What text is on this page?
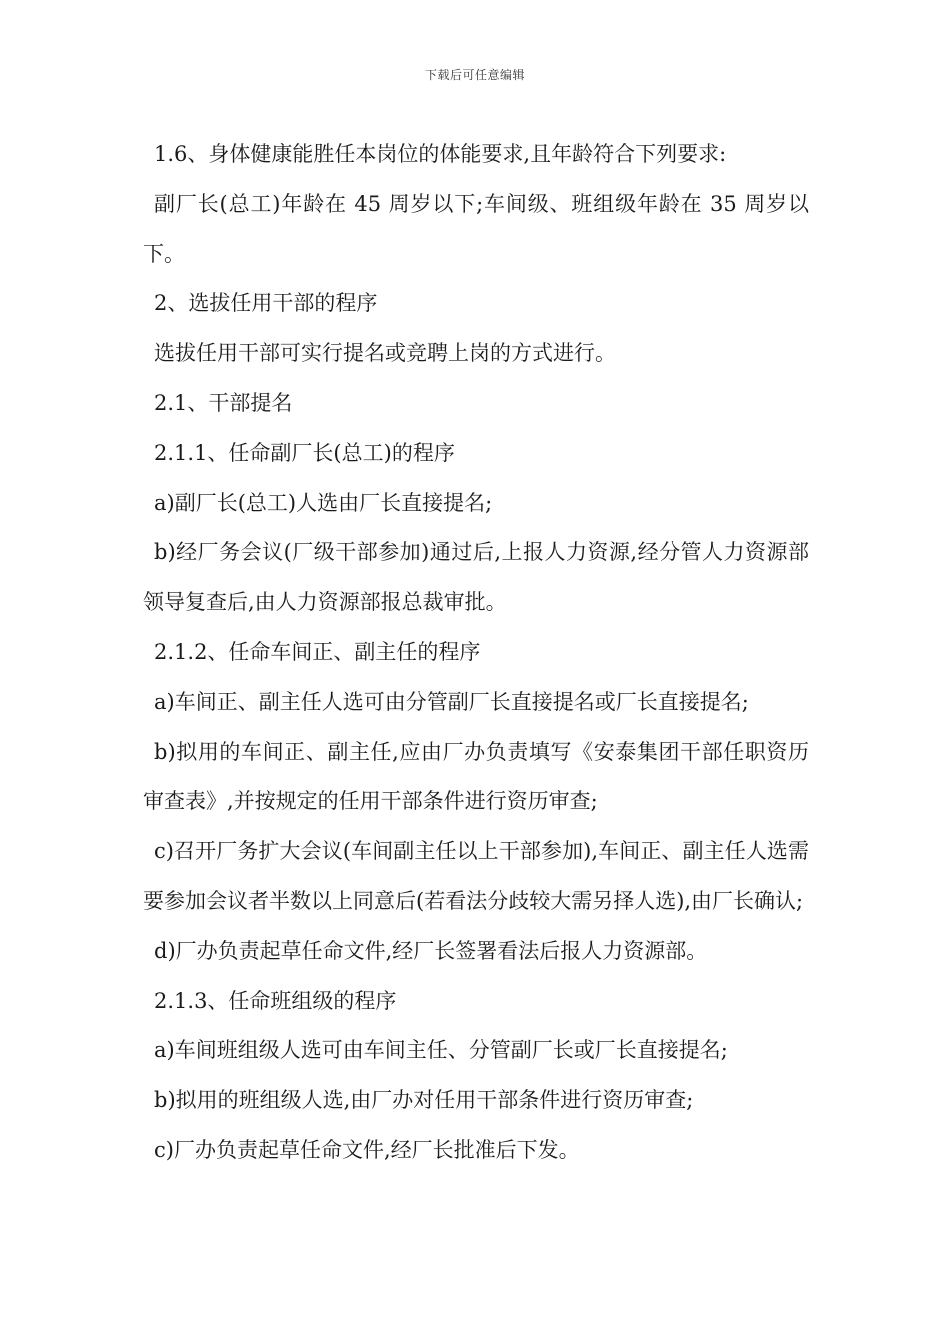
下载后可任意编辑

1.6、身体健康能胜任本岗位的体能要求,且年龄符合下列要求:

副厂长(总工)年龄在 45 周岁以下;车间级、班组级年龄在 35 周岁以下。

2、选拔任用干部的程序

选拔任用干部可实行提名或竞聘上岗的方式进行。

2.1、干部提名

2.1.1、任命副厂长(总工)的程序

a)副厂长(总工)人选由厂长直接提名;

b)经厂务会议(厂级干部参加)通过后,上报人力资源,经分管人力资源部领导复查后,由人力资源部报总裁审批。

2.1.2、任命车间正、副主任的程序

a)车间正、副主任人选可由分管副厂长直接提名或厂长直接提名;

b)拟用的车间正、副主任,应由厂办负责填写《安泰集团干部任职资历审查表》,并按规定的任用干部条件进行资历审查;

c)召开厂务扩大会议(车间副主任以上干部参加),车间正、副主任人选需要参加会议者半数以上同意后(若看法分歧较大需另择人选),由厂长确认;

d)厂办负责起草任命文件,经厂长签署看法后报人力资源部。

2.1.3、任命班组级的程序

a)车间班组级人选可由车间主任、分管副厂长或厂长直接提名;

b)拟用的班组级人选,由厂办对任用干部条件进行资历审查;

c)厂办负责起草任命文件,经厂长批准后下发。
